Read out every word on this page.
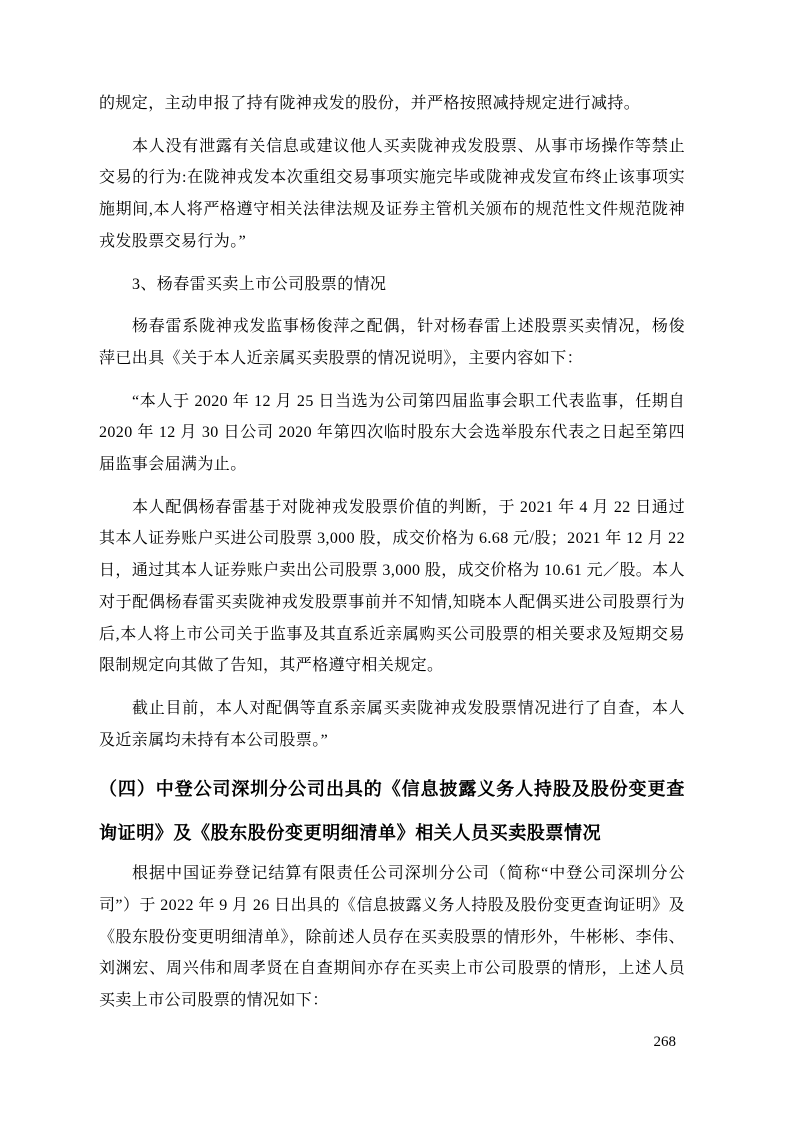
的规定，主动申报了持有陇神戎发的股份，并严格按照减持规定进行减持。

本人没有泄露有关信息或建议他人买卖陇神戎发股票、从事市场操作等禁止交易的行为:在陇神戎发本次重组交易事项实施完毕或陇神戎发宣布终止该事项实施期间,本人将严格遵守相关法律法规及证券主管机关颁布的规范性文件规范陇神戎发股票交易行为。”

3、杨春雷买卖上市公司股票的情况

杨春雷系陇神戎发监事杨俊萍之配偶，针对杨春雷上述股票买卖情况，杨俊萍已出具《关于本人近亲属买卖股票的情况说明》，主要内容如下：

“本人于 2020 年 12 月 25 日当选为公司第四届监事会职工代表监事，任期自 2020 年 12 月 30 日公司 2020 年第四次临时股东大会选举股东代表之日起至第四届监事会届满为止。

本人配偶杨春雷基于对陇神戎发股票价值的判断，于 2021 年 4 月 22 日通过其本人证券账户买进公司股票 3,000 股，成交价格为 6.68 元/股；2021 年 12 月 22 日，通过其本人证券账户卖出公司股票 3,000 股，成交价格为 10.61 元／股。本人对于配偶杨春雷买卖陇神戎发股票事前并不知情,知晓本人配偶买进公司股票行为后,本人将上市公司关于监事及其直系近亲属购买公司股票的相关要求及短期交易限制规定向其做了告知，其严格遵守相关规定。

截止目前，本人对配偶等直系亲属买卖陇神戎发股票情况进行了自查，本人及近亲属均未持有本公司股票。”

（四）中登公司深圳分公司出具的《信息披露义务人持股及股份变更查询证明》及《股东股份变更明细清单》相关人员买卖股票情况

根据中国证券登记结算有限责任公司深圳分公司（简称“中登公司深圳分公司”）于 2022 年 9 月 26 日出具的《信息披露义务人持股及股份变更查询证明》及《股东股份变更明细清单》，除前述人员存在买卖股票的情形外，牛彬彬、李伟、刘渊宏、周兴伟和周孝贤在自查期间亦存在买卖上市公司股票的情形，上述人员买卖上市公司股票的情况如下：

268
